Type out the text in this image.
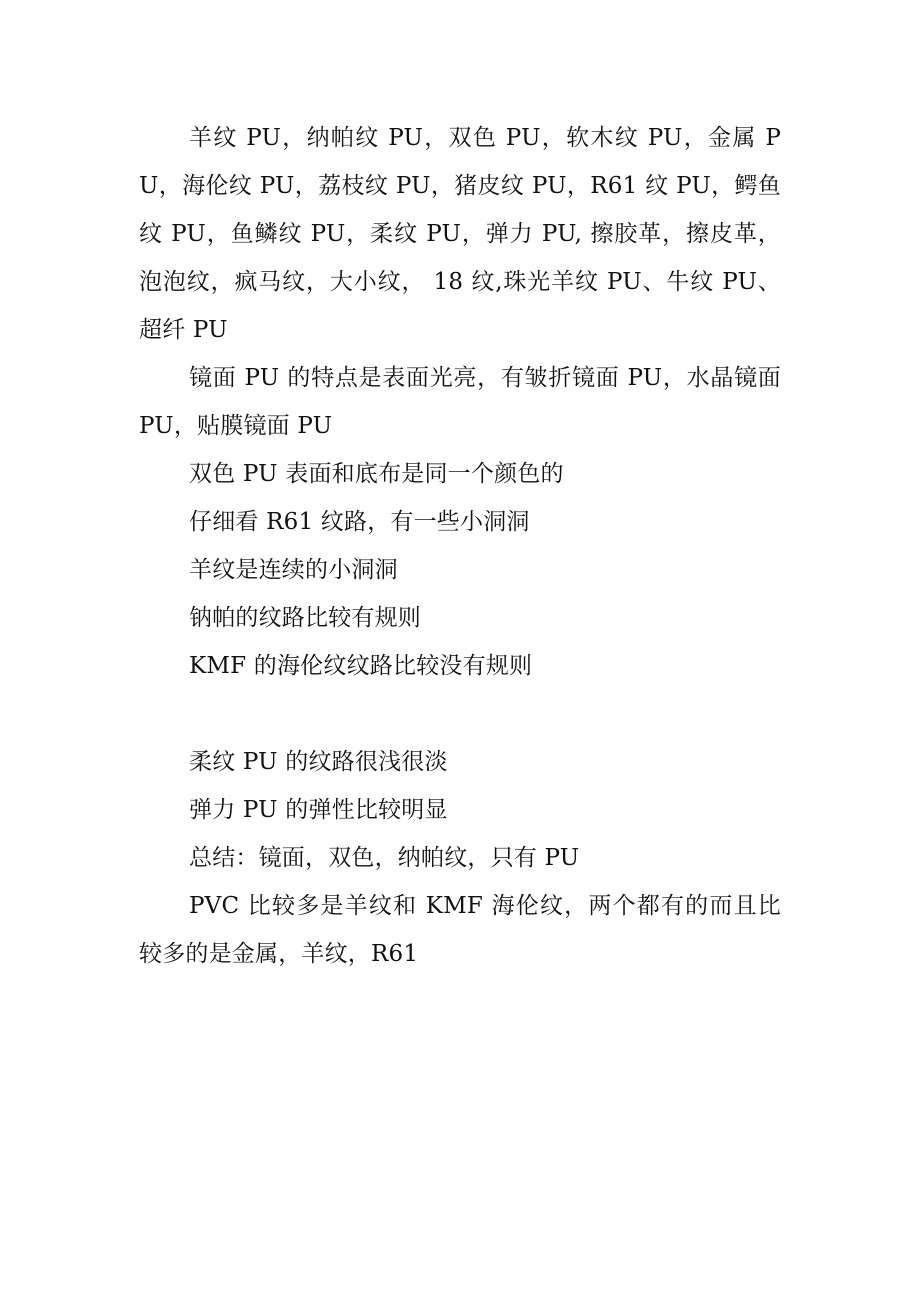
羊纹 PU，纳帕纹 PU，双色 PU，软木纹 PU，金属 PU，海伦纹 PU，荔枝纹 PU，猪皮纹 PU，R61 纹 PU，鳄鱼纹 PU，鱼鳞纹 PU，柔纹 PU，弹力 PU, 擦胶革，擦皮革，泡泡纹，疯马纹，大小纹， 18 纹,珠光羊纹 PU、牛纹 PU、超纤 PU

镜面 PU 的特点是表面光亮，有皱折镜面 PU，水晶镜面 PU，贴膜镜面 PU

双色 PU 表面和底布是同一个颜色的

仔细看 R61 纹路，有一些小洞洞

羊纹是连续的小洞洞

钠帕的纹路比较有规则

KMF 的海伦纹纹路比较没有规则

柔纹 PU 的纹路很浅很淡

弹力 PU 的弹性比较明显

总结：镜面，双色，纳帕纹，只有 PU

PVC 比较多是羊纹和 KMF 海伦纹，两个都有的而且比较多的是金属，羊纹，R61
